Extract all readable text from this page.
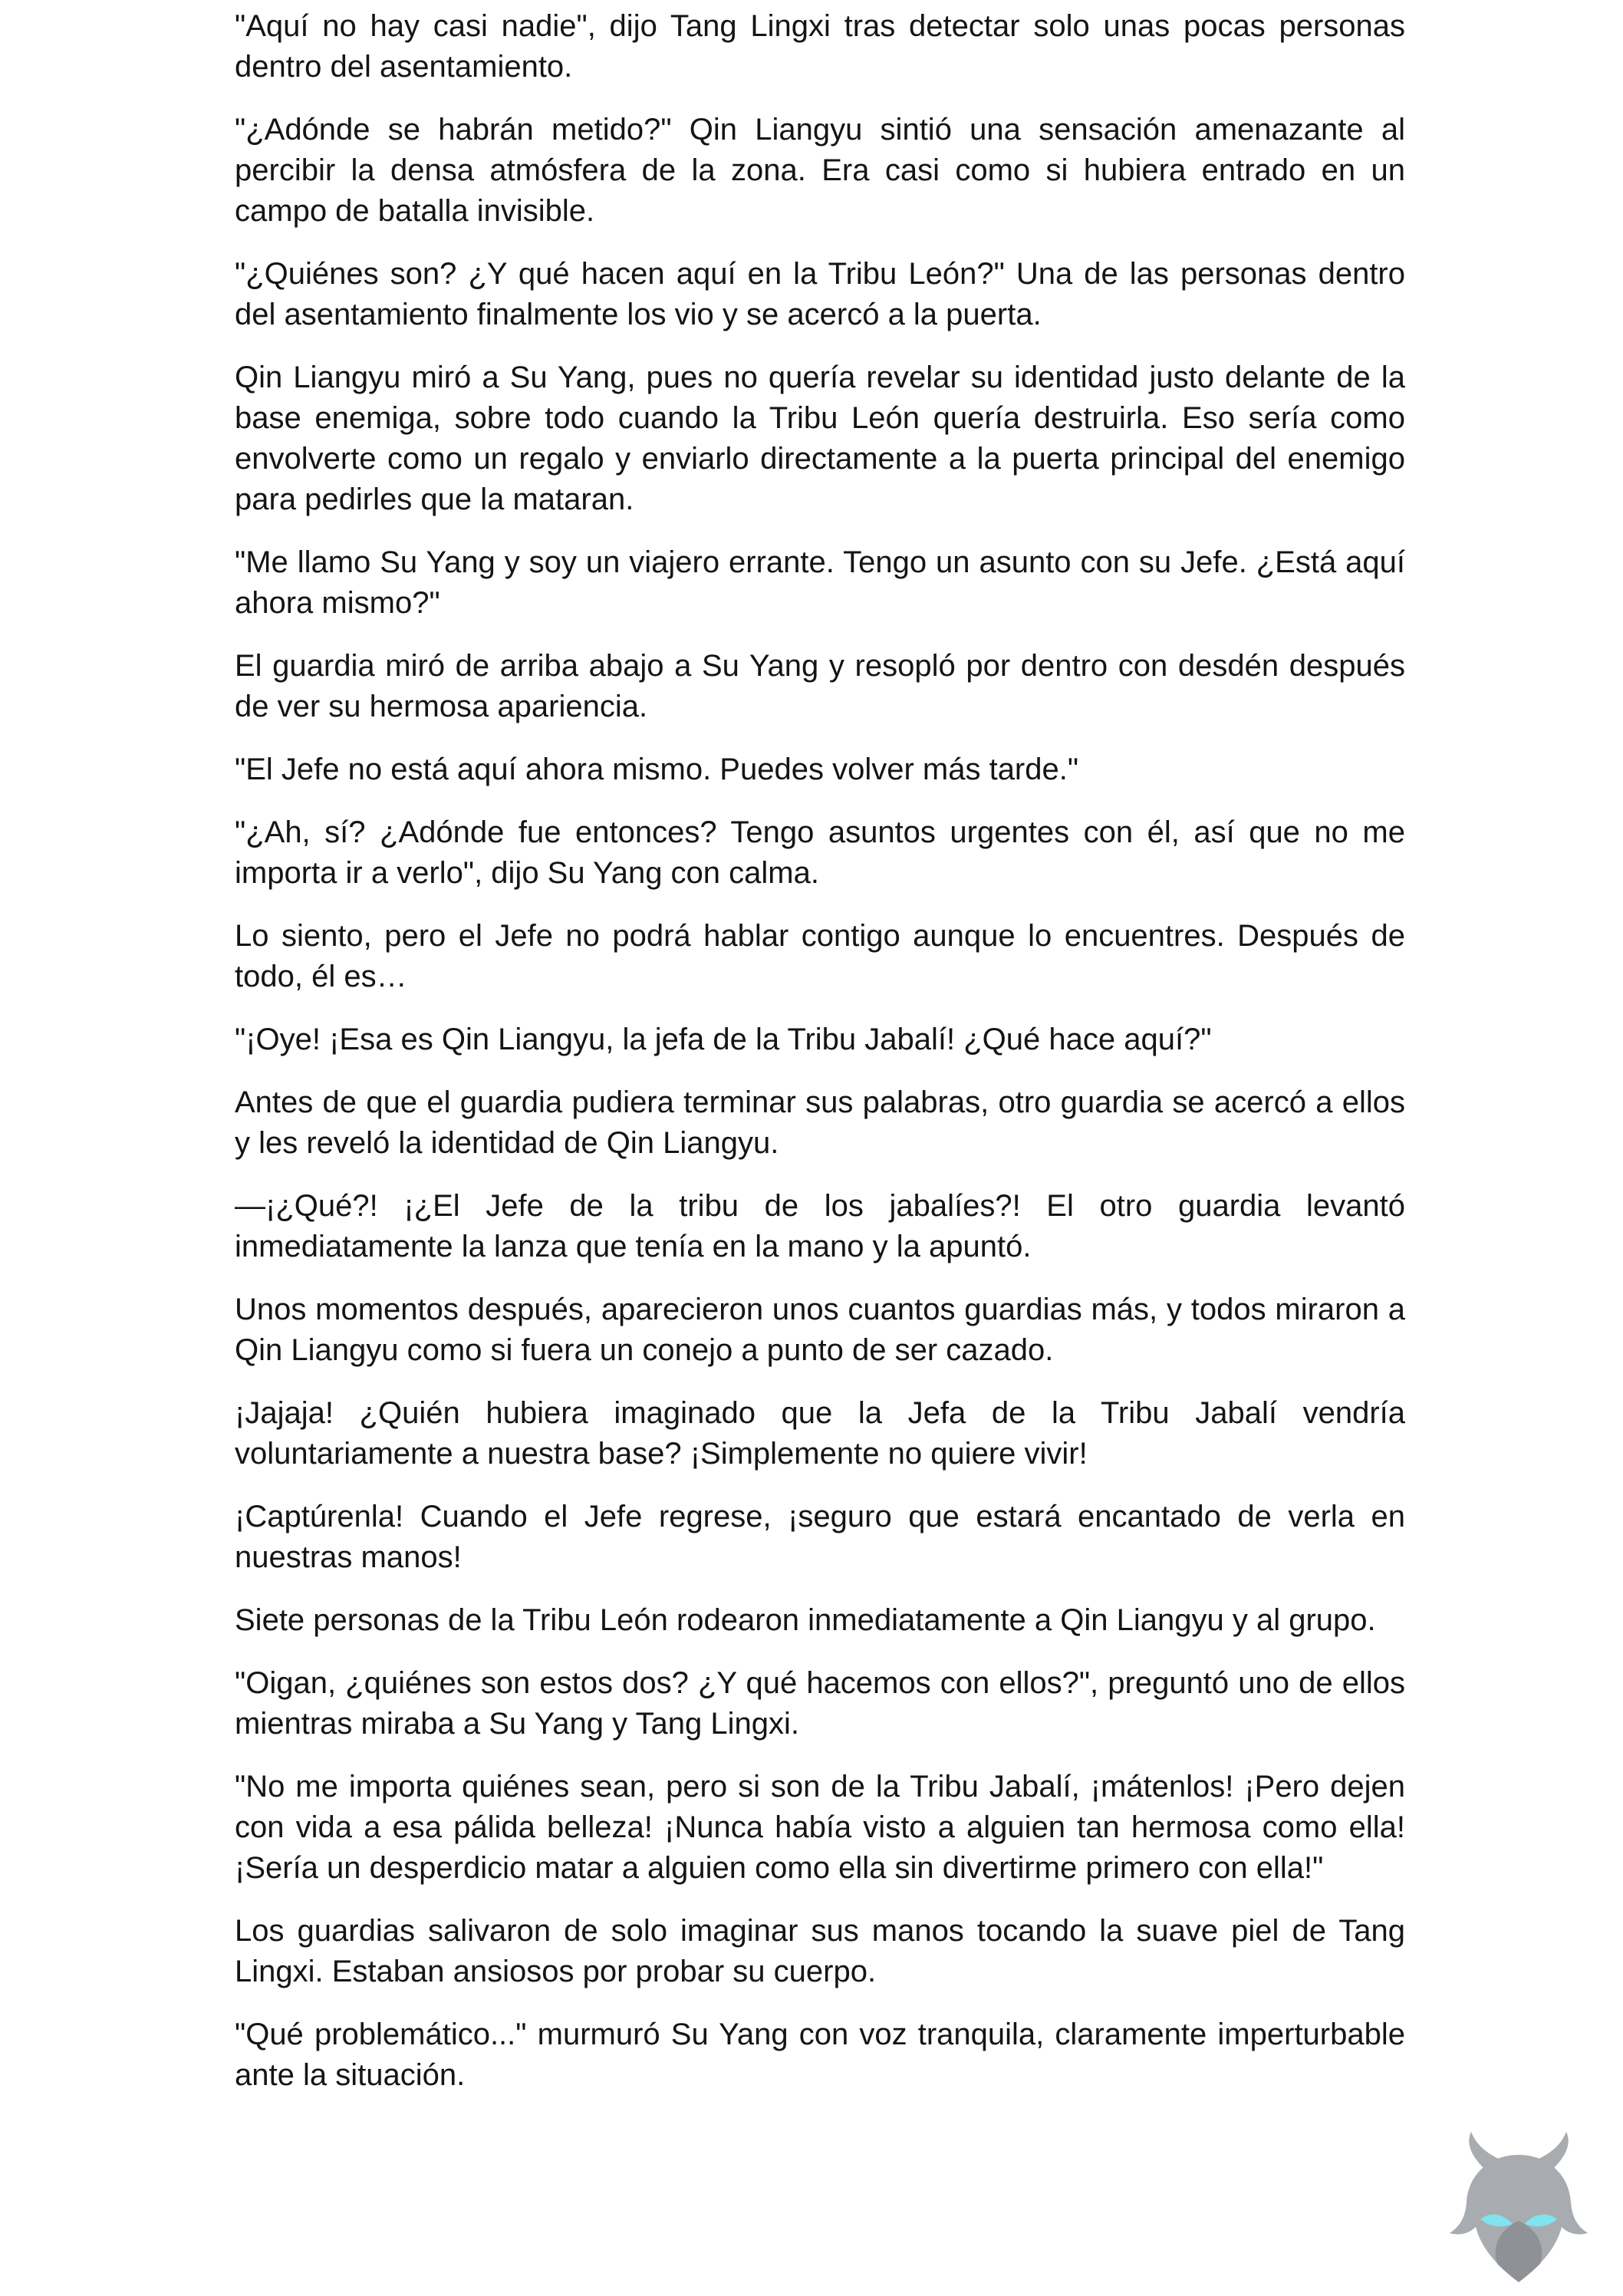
"Aquí no hay casi nadie", dijo Tang Lingxi tras detectar solo unas pocas personas dentro del asentamiento.

"¿Adónde se habrán metido?" Qin Liangyu sintió una sensación amenazante al percibir la densa atmósfera de la zona. Era casi como si hubiera entrado en un campo de batalla invisible.

"¿Quiénes son? ¿Y qué hacen aquí en la Tribu León?" Una de las personas dentro del asentamiento finalmente los vio y se acercó a la puerta.

Qin Liangyu miró a Su Yang, pues no quería revelar su identidad justo delante de la base enemiga, sobre todo cuando la Tribu León quería destruirla. Eso sería como envolverte como un regalo y enviarlo directamente a la puerta principal del enemigo para pedirles que la mataran.

"Me llamo Su Yang y soy un viajero errante. Tengo un asunto con su Jefe. ¿Está aquí ahora mismo?"

El guardia miró de arriba abajo a Su Yang y resopló por dentro con desdén después de ver su hermosa apariencia.

"El Jefe no está aquí ahora mismo. Puedes volver más tarde."

"¿Ah, sí? ¿Adónde fue entonces? Tengo asuntos urgentes con él, así que no me importa ir a verlo", dijo Su Yang con calma.

Lo siento, pero el Jefe no podrá hablar contigo aunque lo encuentres. Después de todo, él es…

"¡Oye! ¡Esa es Qin Liangyu, la jefa de la Tribu Jabalí! ¿Qué hace aquí?"

Antes de que el guardia pudiera terminar sus palabras, otro guardia se acercó a ellos y les reveló la identidad de Qin Liangyu.

—¡¿Qué?! ¡¿El Jefe de la tribu de los jabalíes?! El otro guardia levantó inmediatamente la lanza que tenía en la mano y la apuntó.

Unos momentos después, aparecieron unos cuantos guardias más, y todos miraron a Qin Liangyu como si fuera un conejo a punto de ser cazado.

¡Jajaja! ¿Quién hubiera imaginado que la Jefa de la Tribu Jabalí vendría voluntariamente a nuestra base? ¡Simplemente no quiere vivir!

¡Captúrenla! Cuando el Jefe regrese, ¡seguro que estará encantado de verla en nuestras manos!

Siete personas de la Tribu León rodearon inmediatamente a Qin Liangyu y al grupo.

"Oigan, ¿quiénes son estos dos? ¿Y qué hacemos con ellos?", preguntó uno de ellos mientras miraba a Su Yang y Tang Lingxi.

"No me importa quiénes sean, pero si son de la Tribu Jabalí, ¡mátenlos! ¡Pero dejen con vida a esa pálida belleza! ¡Nunca había visto a alguien tan hermosa como ella! ¡Sería un desperdicio matar a alguien como ella sin divertirme primero con ella!"

Los guardias salivaron de solo imaginar sus manos tocando la suave piel de Tang Lingxi. Estaban ansiosos por probar su cuerpo.

"Qué problemático..." murmuró Su Yang con voz tranquila, claramente imperturbable ante la situación.
